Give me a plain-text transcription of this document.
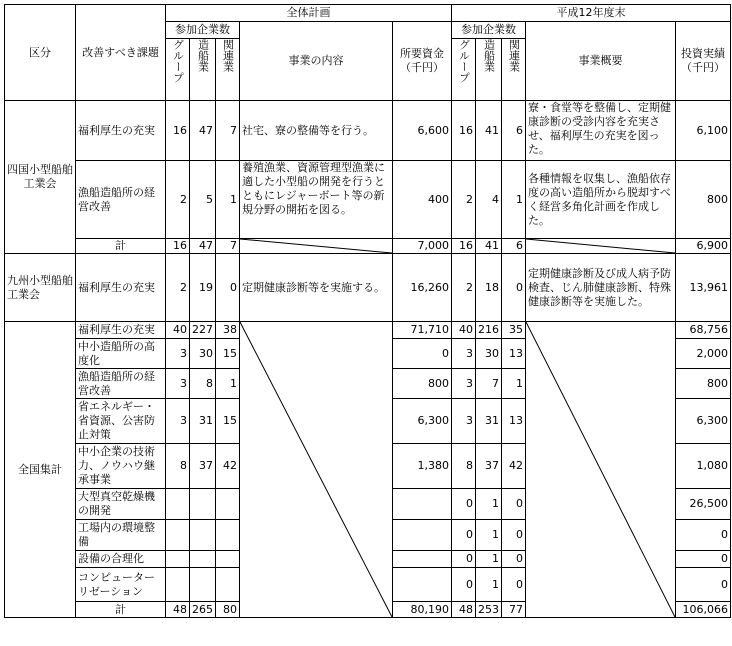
区分	改善すべき課題	全体計画					平成12年度末				
		参加企業数			事業の内容	所要資金（千円）	参加企業数			事業概要	投資実績（千円）

		グループ	造船業	関連業			グループ	造船業	関連業		

四国小型船舶工業会	福利厚生の充実	16	47	7	社宅、寮の整備等を行う。	6,600	16	41	6	寮・食堂等を整備し、定期健康診断の受診内容を充実させ、福利厚生の充実を図った。	6,100
	漁船造船所の経営改善	2	5	1	養殖漁業、資源管理型漁業に適した小型船の開発を行うとともにレジャーボート等の新規分野の開拓を図る。	400	2	4	1	各種情報を収集し、漁船依存度の高い造船所から脱却すべく経営多角化計画を作成した。	800
	計	16	47	7		7,000	16	41	6		6,900
九州小型船舶工業会	福利厚生の充実	2	19	0	定期健康診断等を実施する。	16,260	2	18	0	定期健康診断及び成人病予防検査、じん肺健康診断、特殊健康診断等を実施した。	13,961
全国集計	福利厚生の充実	40	227	38		71,710	40	216	35		68,756
	中小造船所の高度化	3	30	15		0	3	30	13		2,000
	漁船造船所の経営改善	3	8	1		800	3	7	1		800
	省エネルギー・省資源、公害防止対策	3	31	15		6,300	3	31	13		6,300
	中小企業の技術力、ノウハウ継承事業	8	37	42		1,380	8	37	42		1,080
	大型真空乾燥機の開発						0	1	0		26,500
	工場内の環境整備						0	1	0		0
	設備の合理化						0	1	0		0
	コンピューターリゼーション						0	1	0		0
	計	48	265	80		80,190	48	253	77		106,066
